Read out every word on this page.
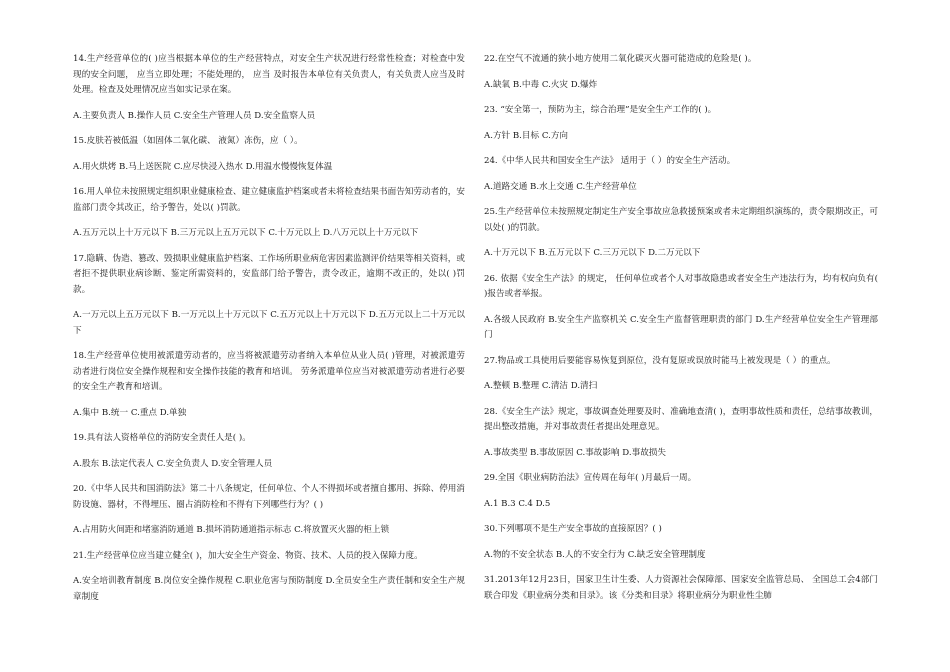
14.生产经营单位的( )应当根据本单位的生产经营特点，对安全生产状况进行经常性检查；对检查中发现的安全问题， 应当立即处理；不能处理的， 应当 及时报告本单位有关负责人，有关负责人应当及时处理。检查及处理情况应当如实记录在案。

A.主要负责人 B.操作人员 C.安全生产管理人员 D.安全监察人员

15.皮肤若被低温（如固体二氧化碳、 液氮）冻伤，应（ ）。

A.用火烘烤 B.马上送医院 C.应尽快浸入热水 D.用温水慢慢恢复体温

16.用人单位未按照规定组织职业健康检查、建立健康监护档案或者未将检查结果书面告知劳动者的，安监部门责令其改正，给予警告，处以( )罚款。

A.五万元以上十万元以下 B.三万元以上五万元以下 C.十万元以上 D.八万元以上十万元以下

17.隐瞒、伪造、篡改、毁损职业健康监护档案、工作场所职业病危害因素监测评价结果等相关资料，或者拒不提供职业病诊断、鉴定所需资料的，安监部门给予警告，责令改正，逾期不改正的，处以( )罚款。

A.一万元以上五万元以下 B.一万元以上十万元以下 C.五万元以上十万元以下 D.五万元以上二十万元以下

18.生产经营单位使用被派遣劳动者的，应当将被派遣劳动者纳入本单位从业人员( )管理，对被派遣劳动者进行岗位安全操作规程和安全操作技能的教育和培训。 劳务派遣单位应当对被派遣劳动者进行必要的安全生产教育和培训。

A.集中 B.统一 C.重点 D.单独

19.具有法人资格单位的消防安全责任人是( )。

A.股东 B.法定代表人 C.安全负责人 D.安全管理人员

20.《中华人民共和国消防法》第二十八条规定，任何单位、个人不得损坏或者擅自挪用、拆除、停用消防设施、器材，不得埋压、圈占消防栓和不得有下列哪些行为？( )

A.占用防火间距和堵塞消防通道 B.损坏消防通道指示标志 C.将放置灭火器的柜上锁

21.生产经营单位应当建立健全( )，加大安全生产资金、物资、技术、人员的投入保障力度。

A.安全培训教育制度 B.岗位安全操作规程 C.职业危害与预防制度 D.全员安全生产责任制和安全生产规章制度

22.在空气不流通的狭小地方使用二氧化碳灭火器可能造成的危险是( )。

A.缺氧 B.中毒 C.火灾 D.爆炸

23. “安全第一，预防为主，综合治理”是安全生产工作的( )。

A.方针 B.目标 C.方向

24.《中华人民共和国安全生产法》 适用于（ ）的安全生产活动。

A.道路交通 B.水上交通 C.生产经营单位

25.生产经营单位未按照规定制定生产安全事故应急救援预案或者未定期组织演练的，责令限期改正，可以处( )的罚款。

A.十万元以下 B.五万元以下 C.三万元以下 D.二万元以下

26. 依据《安全生产法》的规定， 任何单位或者个人对事故隐患或者安全生产违法行为，均有权向负有( )报告或者举报。

A.各级人民政府 B.安全生产监察机关 C.安全生产监督管理职责的部门 D.生产经营单位安全生产管理部门

27.物品或工具使用后要能容易恢复到原位，没有复原或误放时能马上被发现是（ ）的重点。

A.整顿 B.整理 C.清洁 D.清扫

28.《安全生产法》规定，事故调查处理要及时、准确地查清( )，查明事故性质和责任，总结事故教训，提出整改措施，并对事故责任者提出处理意见。

A.事故类型 B.事故原因 C.事故影响 D.事故损失

29.全国《职业病防治法》宣传周在每年( )月最后一周。

A.1 B.3 C.4 D.5

30.下列哪项不是生产安全事故的直接原因？( )

A.物的不安全状态 B.人的不安全行为 C.缺乏安全管理制度

31.2013年12月23日，国家卫生计生委、人力资源社会保障部、国家安全监管总局、 全国总工会4部门联合印发《职业病分类和目录》。该《分类和目录》将职业病分为职业性尘肺
